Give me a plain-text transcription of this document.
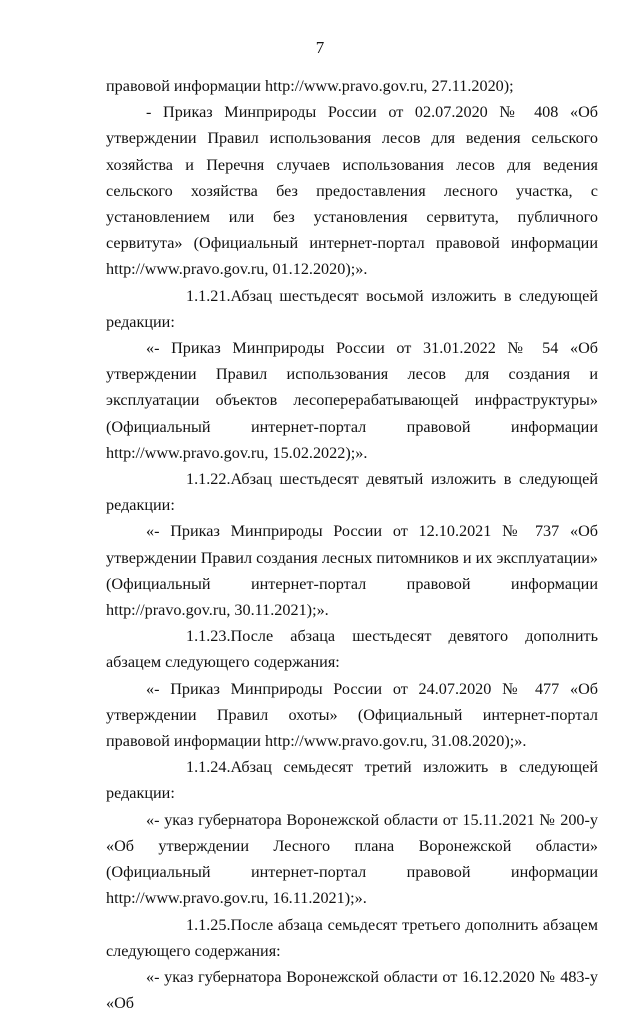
7

правовой информации http://www.pravo.gov.ru, 27.11.2020);

- Приказ Минприроды России от 02.07.2020 № 408 «Об утверждении Правил использования лесов для ведения сельского хозяйства и Перечня случаев использования лесов для ведения сельского хозяйства без предоставления лесного участка, с установлением или без установления сервитута, публичного сервитута» (Официальный интернет-портал правовой информации http://www.pravo.gov.ru, 01.12.2020);».

1.1.21.Абзац шестьдесят восьмой изложить в следующей редакции:

«- Приказ Минприроды России от 31.01.2022 № 54 «Об утверждении Правил использования лесов для создания и эксплуатации объектов лесоперерабатывающей инфраструктуры» (Официальный интернет-портал правовой информации http://www.pravo.gov.ru, 15.02.2022);».

1.1.22.Абзац шестьдесят девятый изложить в следующей редакции:

«- Приказ Минприроды России от 12.10.2021 № 737 «Об утверждении Правил создания лесных питомников и их эксплуатации» (Официальный интернет-портал правовой информации http://pravo.gov.ru, 30.11.2021);».

1.1.23.После абзаца шестьдесят девятого дополнить абзацем следующего содержания:

«- Приказ Минприроды России от 24.07.2020 № 477 «Об утверждении Правил охоты» (Официальный интернет-портал правовой информации http://www.pravo.gov.ru, 31.08.2020);».

1.1.24.Абзац семьдесят третий изложить в следующей редакции:

«- указ губернатора Воронежской области от 15.11.2021 № 200-у «Об утверждении Лесного плана Воронежской области» (Официальный интернет-портал правовой информации http://www.pravo.gov.ru, 16.11.2021);».

1.1.25.После абзаца семьдесят третьего дополнить абзацем следующего содержания:

«- указ губернатора Воронежской области от 16.12.2020 № 483-у «Об
